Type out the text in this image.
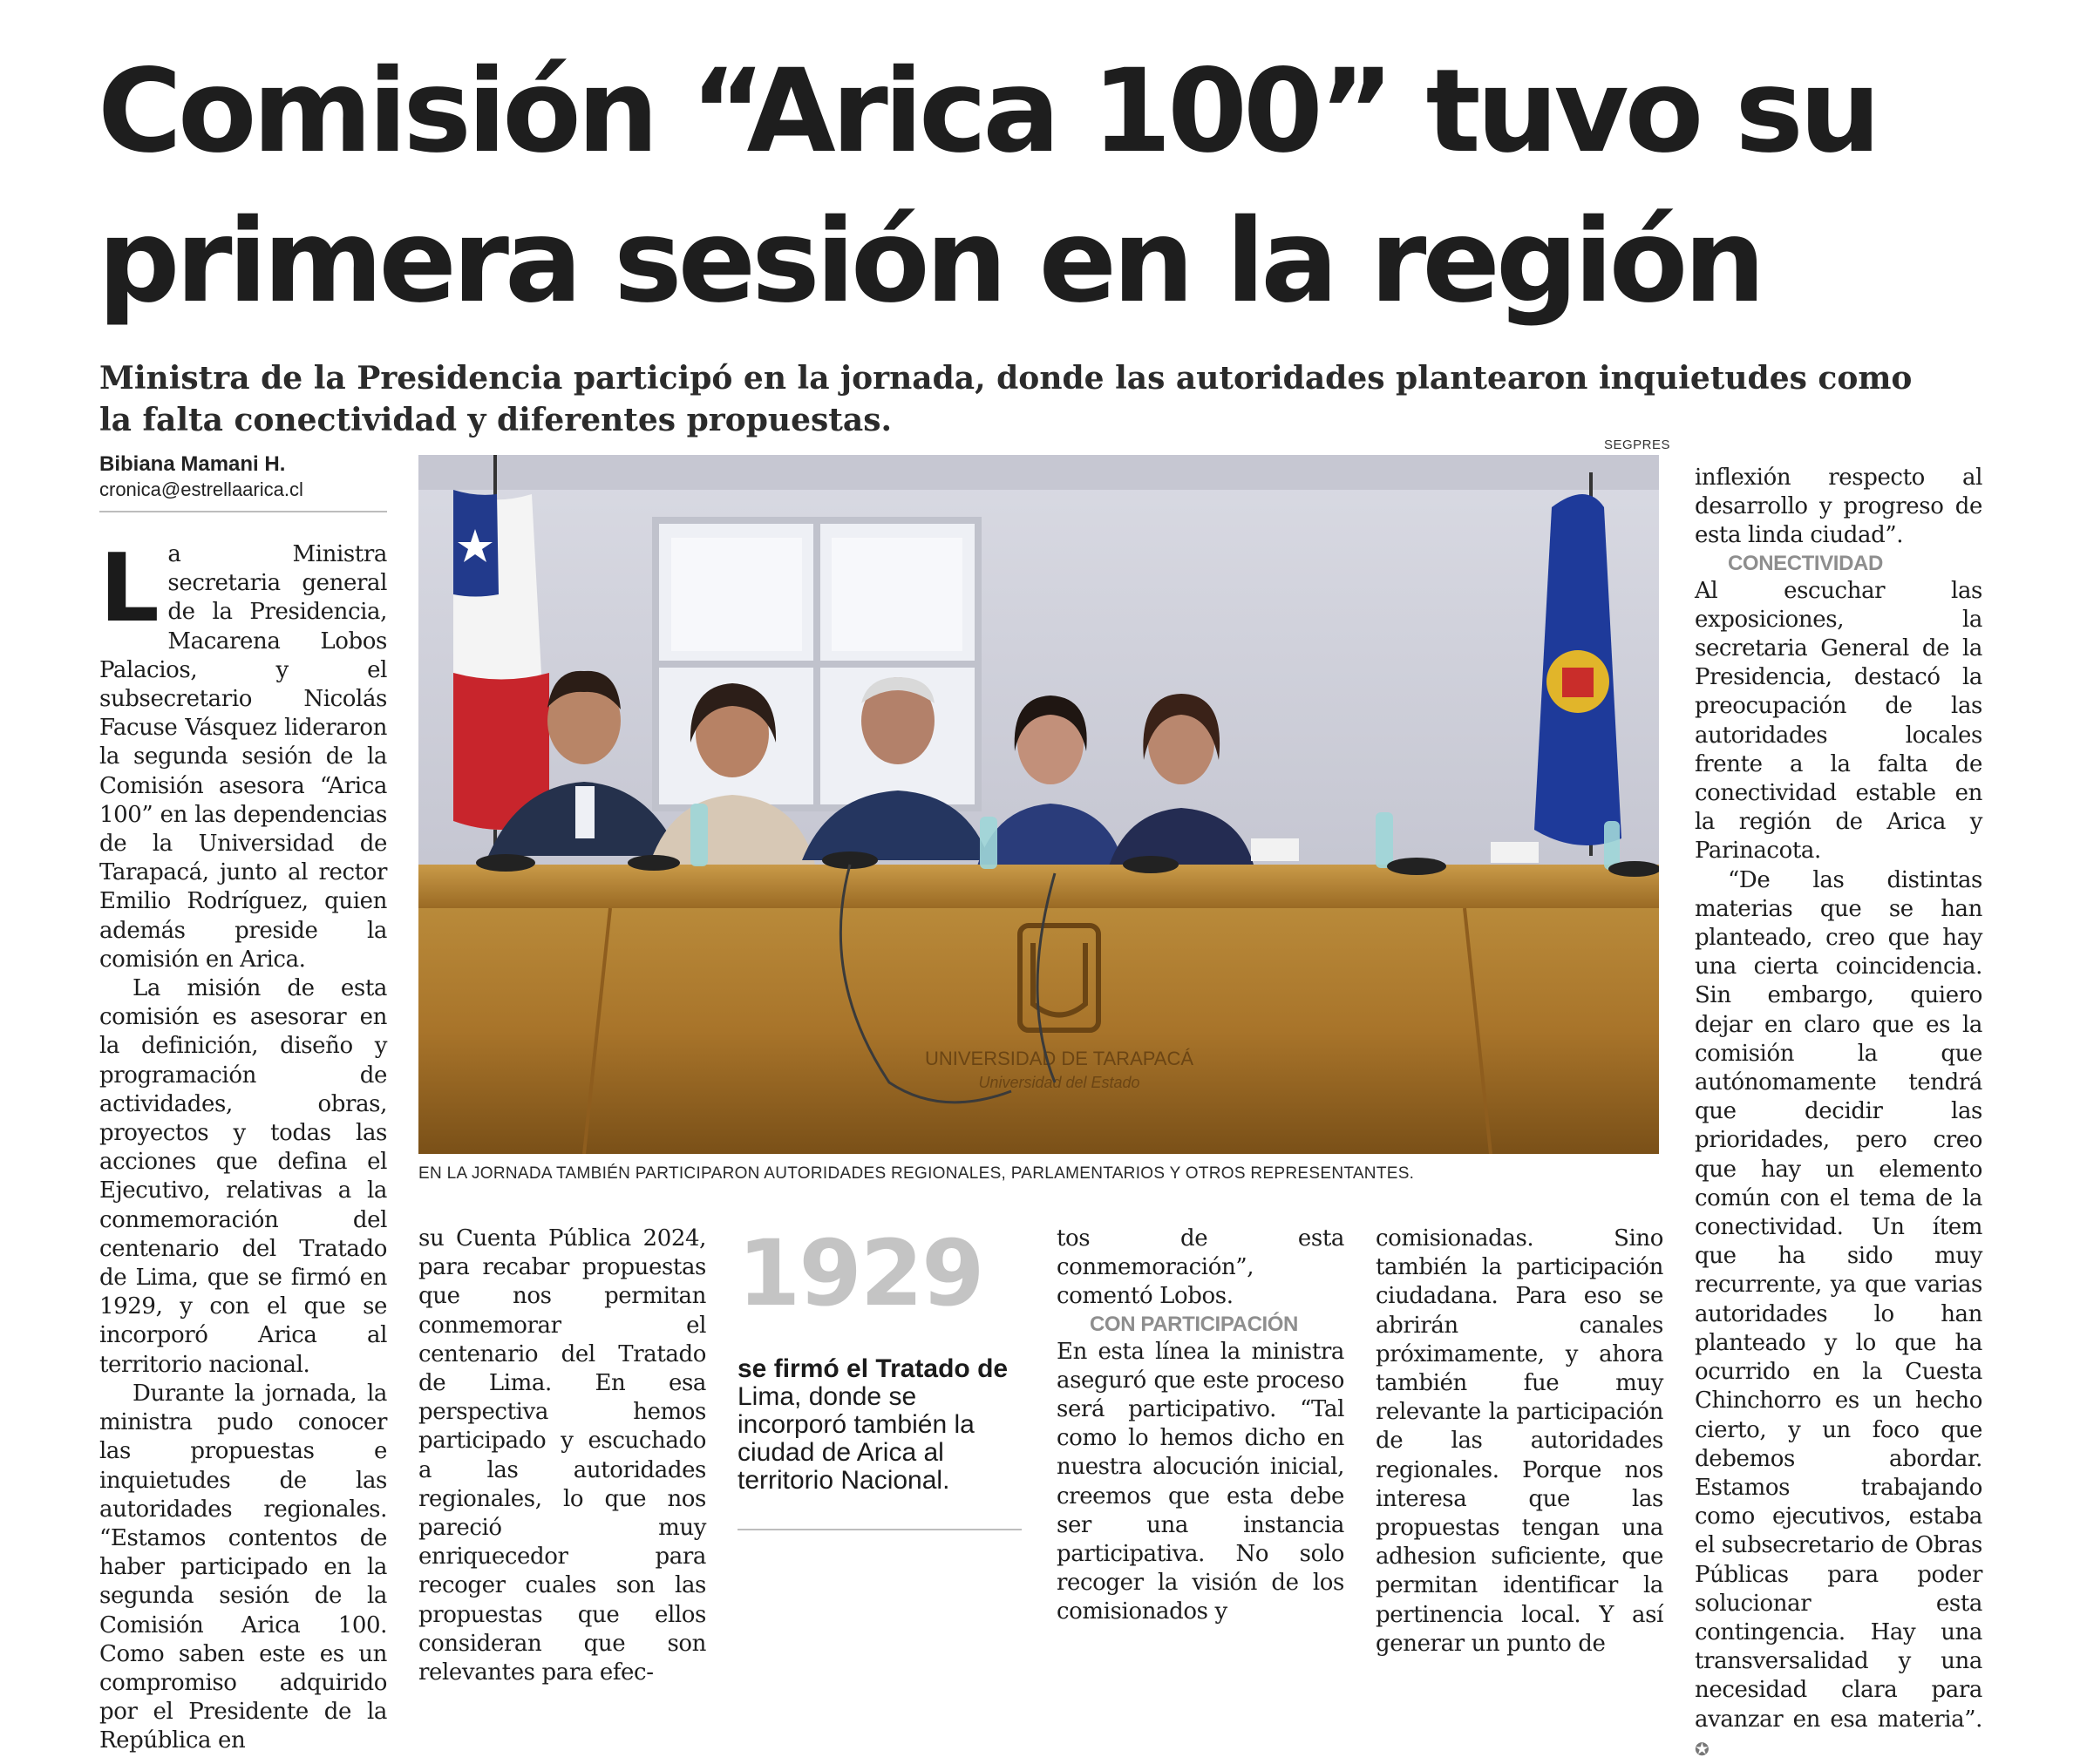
Comisión “Arica 100” tuvo su
primera sesión en la región
Ministra de la Presidencia participó en la jornada, donde las autoridades plantearon inquietudes como la falta conectividad y diferentes propuestas.
Bibiana Mamani H.
cronica@estrellaarica.cl
SEGPRES
UNIVERSIDAD DE TARAPACÁ
Universidad del Estado
EN LA JORNADA TAMBIÉN PARTICIPARON AUTORIDADES REGIONALES, PARLAMENTARIOS Y OTROS REPRESENTANTES.

La Ministra secretaria general de la Presidencia, Macarena Lobos Palacios, y el subsecretario Nicolás Facuse Vásquez lideraron la segunda sesión de la Comisión asesora “Arica 100” en las dependencias de la Universidad de Tarapacá, junto al rector Emilio Rodríguez, quien además preside la comisión en Arica.

La misión de esta comisión es asesorar en la definición, diseño y programación de actividades, obras, proyectos y todas las acciones que defina el Ejecutivo, relativas a la conmemoración del centenario del Tratado de Lima, que se firmó en 1929, y con el que se incorporó Arica al territorio nacional.

Durante la jornada, la ministra pudo conocer las propuestas e inquietudes de las autoridades regionales. “Estamos contentos de haber participado en la segunda sesión de la Comisión Arica 100. Como saben este es un compromiso adquirido por el Presidente de la República en

su Cuenta Pública 2024, para recabar propuestas que nos permitan conmemorar el centenario del Tratado de Lima. En esa perspectiva hemos participado y escuchado a las autoridades regionales, lo que nos pareció muy enriquecedor para recoger cuales son las propuestas que ellos consideran que son relevantes para efec-

1929
se firmó el Tratado de Lima, donde se incorporó también la ciudad de Arica al territorio Nacional.

tos de esta conmemoración”, comentó Lobos.

CON PARTICIPACIÓN

En esta línea la ministra aseguró que este proceso será participativo. “Tal como lo hemos dicho en nuestra alocución inicial, creemos que esta debe ser una instancia participativa. No solo recoger la visión de los comisionados y

comisionadas. Sino también la participación ciudadana. Para eso se abrirán canales próximamente, y ahora también fue muy relevante la participación de las autoridades regionales. Porque nos interesa que las propuestas tengan una adhesion suficiente, que permitan identificar la pertinencia local. Y así generar un punto de

inflexión respecto al desarrollo y progreso de esta linda ciudad”.

CONECTIVIDAD

Al escuchar las exposiciones, la secretaria General de la Presidencia, destacó la preocupación de las autoridades locales frente a la falta de conectividad estable en la región de Arica y Parinacota.

“De las distintas materias que se han planteado, creo que hay una cierta coincidencia. Sin embargo, quiero dejar en claro que es la comisión la que autónomamente tendrá que decidir las prioridades, pero creo que hay un elemento común con el tema de la conectividad. Un ítem que ha sido muy recurrente, ya que varias autoridades lo han planteado y lo que ha ocurrido en la Cuesta Chinchorro es un hecho cierto, y un foco que debemos abordar. Estamos trabajando como ejecutivos, estaba el subsecretario de Obras Públicas para poder solucionar esta contingencia. Hay una transversalidad y una necesidad clara para avanzar en esa materia”. ✪
